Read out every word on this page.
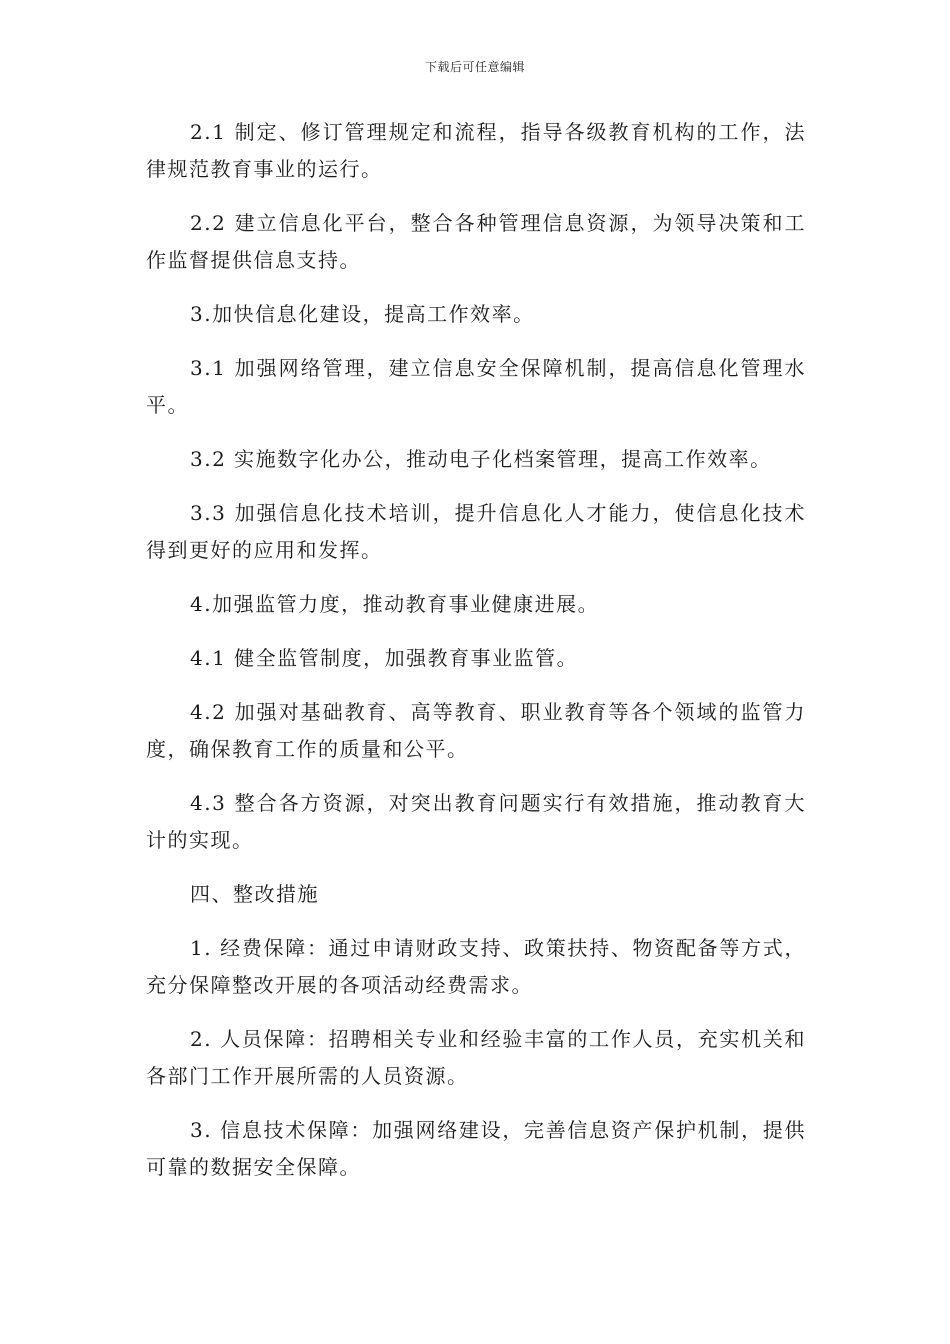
下载后可任意编辑

2.1 制定、修订管理规定和流程，指导各级教育机构的工作，法律规范教育事业的运行。

2.2 建立信息化平台，整合各种管理信息资源，为领导决策和工作监督提供信息支持。

3.加快信息化建设，提高工作效率。

3.1 加强网络管理，建立信息安全保障机制，提高信息化管理水平。

3.2 实施数字化办公，推动电子化档案管理，提高工作效率。

3.3 加强信息化技术培训，提升信息化人才能力，使信息化技术得到更好的应用和发挥。

4.加强监管力度，推动教育事业健康进展。

4.1 健全监管制度，加强教育事业监管。

4.2 加强对基础教育、高等教育、职业教育等各个领域的监管力度，确保教育工作的质量和公平。

4.3 整合各方资源，对突出教育问题实行有效措施，推动教育大计的实现。

四、整改措施

1. 经费保障：通过申请财政支持、政策扶持、物资配备等方式，充分保障整改开展的各项活动经费需求。

2. 人员保障：招聘相关专业和经验丰富的工作人员，充实机关和各部门工作开展所需的人员资源。

3. 信息技术保障：加强网络建设，完善信息资产保护机制，提供可靠的数据安全保障。
